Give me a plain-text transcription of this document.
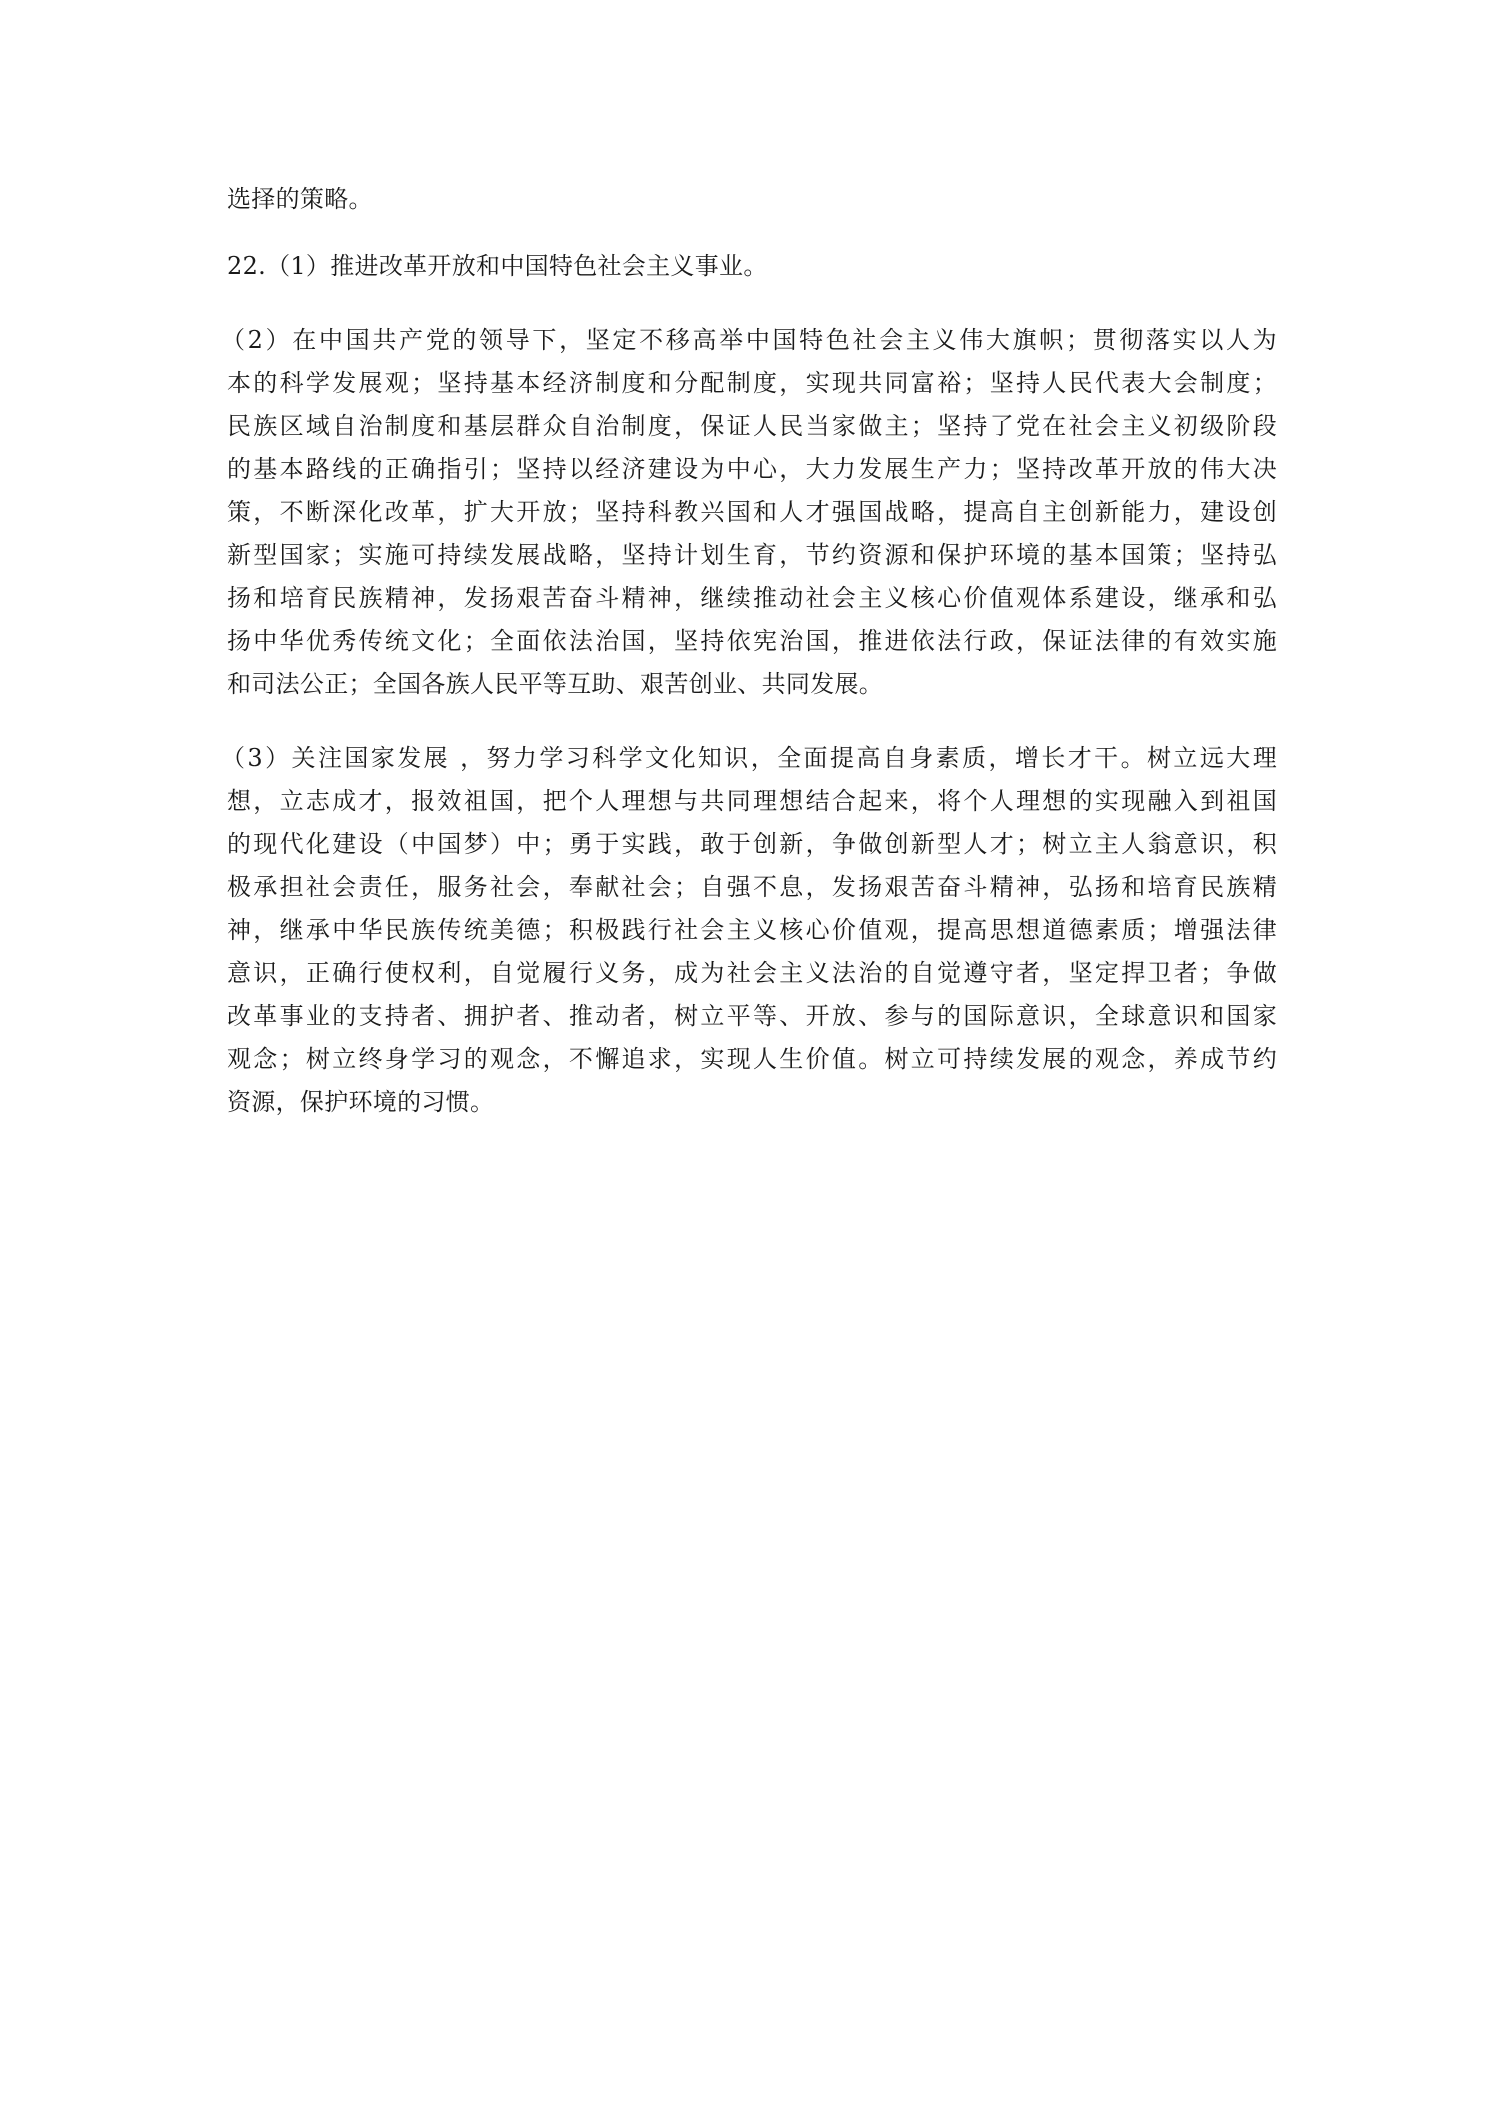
选择的策略。

22.（1）推进改革开放和中国特色社会主义事业。

（2）在中国共产党的领导下，坚定不移高举中国特色社会主义伟大旗帜；贯彻落实以人为
本的科学发展观；坚持基本经济制度和分配制度，实现共同富裕；坚持人民代表大会制度；
民族区域自治制度和基层群众自治制度，保证人民当家做主；坚持了党在社会主义初级阶段
的基本路线的正确指引；坚持以经济建设为中心，大力发展生产力；坚持改革开放的伟大决
策，不断深化改革，扩大开放；坚持科教兴国和人才强国战略，提高自主创新能力，建设创
新型国家；实施可持续发展战略，坚持计划生育，节约资源和保护环境的基本国策；坚持弘
扬和培育民族精神，发扬艰苦奋斗精神，继续推动社会主义核心价值观体系建设，继承和弘
扬中华优秀传统文化；全面依法治国，坚持依宪治国，推进依法行政，保证法律的有效实施
和司法公正；全国各族人民平等互助、艰苦创业、共同发展。

（3）关注国家发展 ，努力学习科学文化知识，全面提高自身素质，增长才干。树立远大理
想，立志成才，报效祖国，把个人理想与共同理想结合起来，将个人理想的实现融入到祖国
的现代化建设（中国梦）中；勇于实践，敢于创新，争做创新型人才；树立主人翁意识，积
极承担社会责任，服务社会，奉献社会；自强不息，发扬艰苦奋斗精神，弘扬和培育民族精
神，继承中华民族传统美德；积极践行社会主义核心价值观，提高思想道德素质；增强法律
意识，正确行使权利，自觉履行义务，成为社会主义法治的自觉遵守者，坚定捍卫者；争做
改革事业的支持者、拥护者、推动者，树立平等、开放、参与的国际意识，全球意识和国家
观念；树立终身学习的观念，不懈追求，实现人生价值。树立可持续发展的观念，养成节约
资源，保护环境的习惯。
